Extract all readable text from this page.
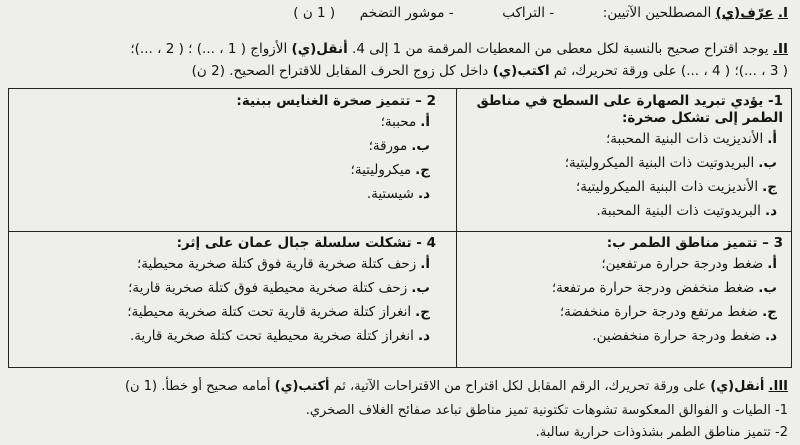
I. عرّف(ي) المصطلحين الآتيين:  - التراكب  - موشور التضخم  ( 1 ن )
II. يوجد اقتراح صحيح بالنسبة لكل معطى من المعطيات المرقمة من 1 إلى 4. أنقل(ي) الأزواج ( 1 ، ...) ؛ ( 2 ، ...)؛
( 3 ، ...)؛ ( 4 ، ...) على ورقة تحريرك، ثم اكتب(ي) داخل كل زوج الحرف المقابل للاقتراح الصحيح. (2 ن)
1- يؤدي تبريد الصهارة على السطح في مناطق الطمر إلى تشكل صخرة:
أ.الأنديزيت ذات البنية المحببة؛
ب.البريدوتيت ذات البنية الميكروليتية؛
ج.الأنديزيت ذات البنية الميكروليتية؛
د.البريدوتيت ذات البنية المحببة.
2 – تتميز صخرة الغنايس ببنية:
أ.محببة؛
ب.مورقة؛
ج.ميكروليتية؛
د.شيستية.
3 – تتميز مناطق الطمر ب:
أ.ضغط ودرجة حرارة مرتفعين؛
ب.ضغط منخفض ودرجة حرارة مرتفعة؛
ج.ضغط مرتفع ودرجة حرارة منخفضة؛
د.ضغط ودرجة حرارة منخفضين.
4 - تشكلت سلسلة جبال عمان على إثر:
أ.زحف كتلة صخرية قارية فوق كتلة صخرية محيطية؛
ب.زحف كتلة صخرية محيطية فوق كتلة صخرية قارية؛
ج.انغراز كتلة صخرية قارية تحت كتلة صخرية محيطية؛
د.انغراز كتلة صخرية محيطية تحت كتلة صخرية قارية.
III. أنقل(ي) على ورقة تحريرك، الرقم المقابل لكل اقتراح من الاقتراحات الآتية، ثم أكتب(ي) أمامه صحيح أو خطأ. (1 ن)
1- الطيات و الفوالق المعكوسة تشوهات تكتونية تميز مناطق تباعد صفائح الغلاف الصخري.
2- تتميز مناطق الطمر بشذوذات حرارية سالبة.
